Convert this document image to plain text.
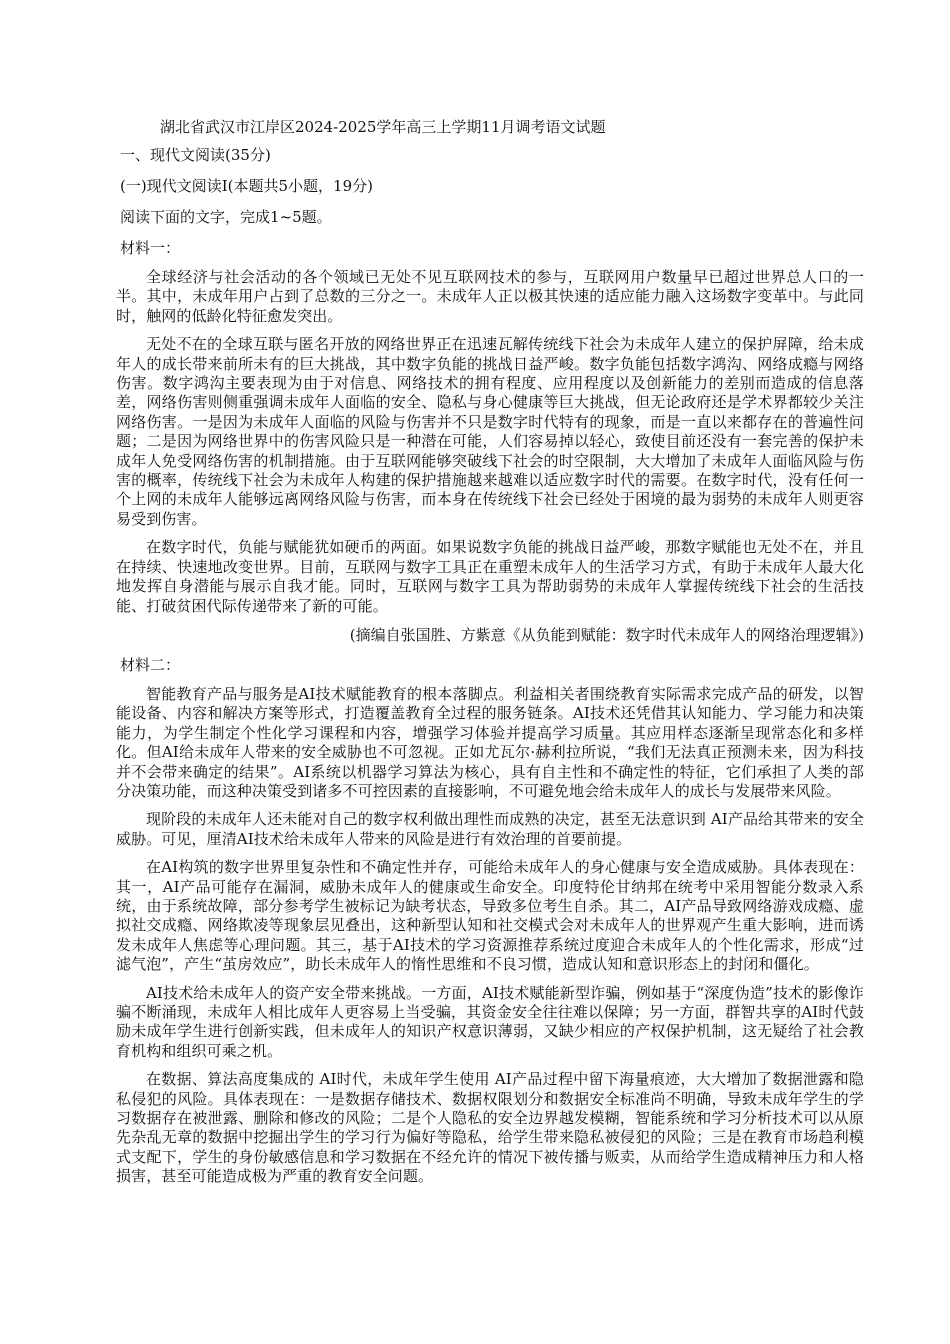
湖北省武汉市江岸区2024-2025学年高三上学期11月调考语文试题
一、现代文阅读(35分)
(一)现代文阅读Ⅰ(本题共5小题，19分)
阅读下面的文字，完成1~5题。
材料一：

全球经济与社会活动的各个领域已无处不见互联网技术的参与，互联网用户数量早已超过世界总人口的一半。其中，未成年用户占到了总数的三分之一。未成年人正以极其快速的适应能力融入这场数字变革中。与此同时，触网的低龄化特征愈发突出。

无处不在的全球互联与匿名开放的网络世界正在迅速瓦解传统线下社会为未成年人建立的保护屏障，给未成年人的成长带来前所未有的巨大挑战，其中数字负能的挑战日益严峻。数字负能包括数字鸿沟、网络成瘾与网络伤害。数字鸿沟主要表现为由于对信息、网络技术的拥有程度、应用程度以及创新能力的差别而造成的信息落差，网络伤害则侧重强调未成年人面临的安全、隐私与身心健康等巨大挑战，但无论政府还是学术界都较少关注网络伤害。一是因为未成年人面临的风险与伤害并不只是数字时代特有的现象，而是一直以来都存在的普遍性问题；二是因为网络世界中的伤害风险只是一种潜在可能，人们容易掉以轻心，致使目前还没有一套完善的保护未成年人免受网络伤害的机制措施。由于互联网能够突破线下社会的时空限制，大大增加了未成年人面临风险与伤害的概率，传统线下社会为未成年人构建的保护措施越来越难以适应数字时代的需要。在数字时代，没有任何一个上网的未成年人能够远离网络风险与伤害，而本身在传统线下社会已经处于困境的最为弱势的未成年人则更容易受到伤害。

在数字时代，负能与赋能犹如硬币的两面。如果说数字负能的挑战日益严峻，那数字赋能也无处不在，并且在持续、快速地改变世界。目前，互联网与数字工具正在重塑未成年人的生活学习方式，有助于未成年人最大化地发挥自身潜能与展示自我才能。同时，互联网与数字工具为帮助弱势的未成年人掌握传统线下社会的生活技能、打破贫困代际传递带来了新的可能。

(摘编自张国胜、方紫意《从负能到赋能：数字时代未成年人的网络治理逻辑》)
材料二：

智能教育产品与服务是AI技术赋能教育的根本落脚点。利益相关者围绕教育实际需求完成产品的研发，以智能设备、内容和解决方案等形式，打造覆盖教育全过程的服务链条。AI技术还凭借其认知能力、学习能力和决策能力，为学生制定个性化学习课程和内容，增强学习体验并提高学习质量。其应用样态逐渐呈现常态化和多样化。但AI给未成年人带来的安全威胁也不可忽视。正如尤瓦尔·赫利拉所说，“我们无法真正预测未来，因为科技并不会带来确定的结果”。AI系统以机器学习算法为核心，具有自主性和不确定性的特征，它们承担了人类的部分决策功能，而这种决策受到诸多不可控因素的直接影响，不可避免地会给未成年人的成长与发展带来风险。

现阶段的未成年人还未能对自己的数字权利做出理性而成熟的决定，甚至无法意识到 AI产品给其带来的安全威胁。可见，厘清AI技术给未成年人带来的风险是进行有效治理的首要前提。

在AI构筑的数字世界里复杂性和不确定性并存，可能给未成年人的身心健康与安全造成威胁。具体表现在：其一，AI产品可能存在漏洞，威胁未成年人的健康或生命安全。印度特伦甘纳邦在统考中采用智能分数录入系统，由于系统故障，部分参考学生被标记为缺考状态，导致多位考生自杀。其二，AI产品导致网络游戏成瘾、虚拟社交成瘾、网络欺凌等现象层见叠出，这种新型认知和社交模式会对未成年人的世界观产生重大影响，进而诱发未成年人焦虑等心理问题。其三，基于AI技术的学习资源推荐系统过度迎合未成年人的个性化需求，形成“过滤气泡”，产生“茧房效应”，助长未成年人的惰性思维和不良习惯，造成认知和意识形态上的封闭和僵化。

AI技术给未成年人的资产安全带来挑战。一方面，AI技术赋能新型诈骗，例如基于“深度伪造”技术的影像诈骗不断涌现，未成年人相比成年人更容易上当受骗，其资金安全往往难以保障；另一方面，群智共享的AI时代鼓励未成年学生进行创新实践，但未成年人的知识产权意识薄弱，又缺少相应的产权保护机制，这无疑给了社会教育机构和组织可乘之机。

在数据、算法高度集成的 AI时代，未成年学生使用 AI产品过程中留下海量痕迹，大大增加了数据泄露和隐私侵犯的风险。具体表现在：一是数据存储技术、数据权限划分和数据安全标准尚不明确，导致未成年学生的学习数据存在被泄露、删除和修改的风险；二是个人隐私的安全边界越发模糊，智能系统和学习分析技术可以从原先杂乱无章的数据中挖掘出学生的学习行为偏好等隐私，给学生带来隐私被侵犯的风险；三是在教育市场趋利模式支配下，学生的身份敏感信息和学习数据在不经允许的情况下被传播与贩卖，从而给学生造成精神压力和人格损害，甚至可能造成极为严重的教育安全问题。
